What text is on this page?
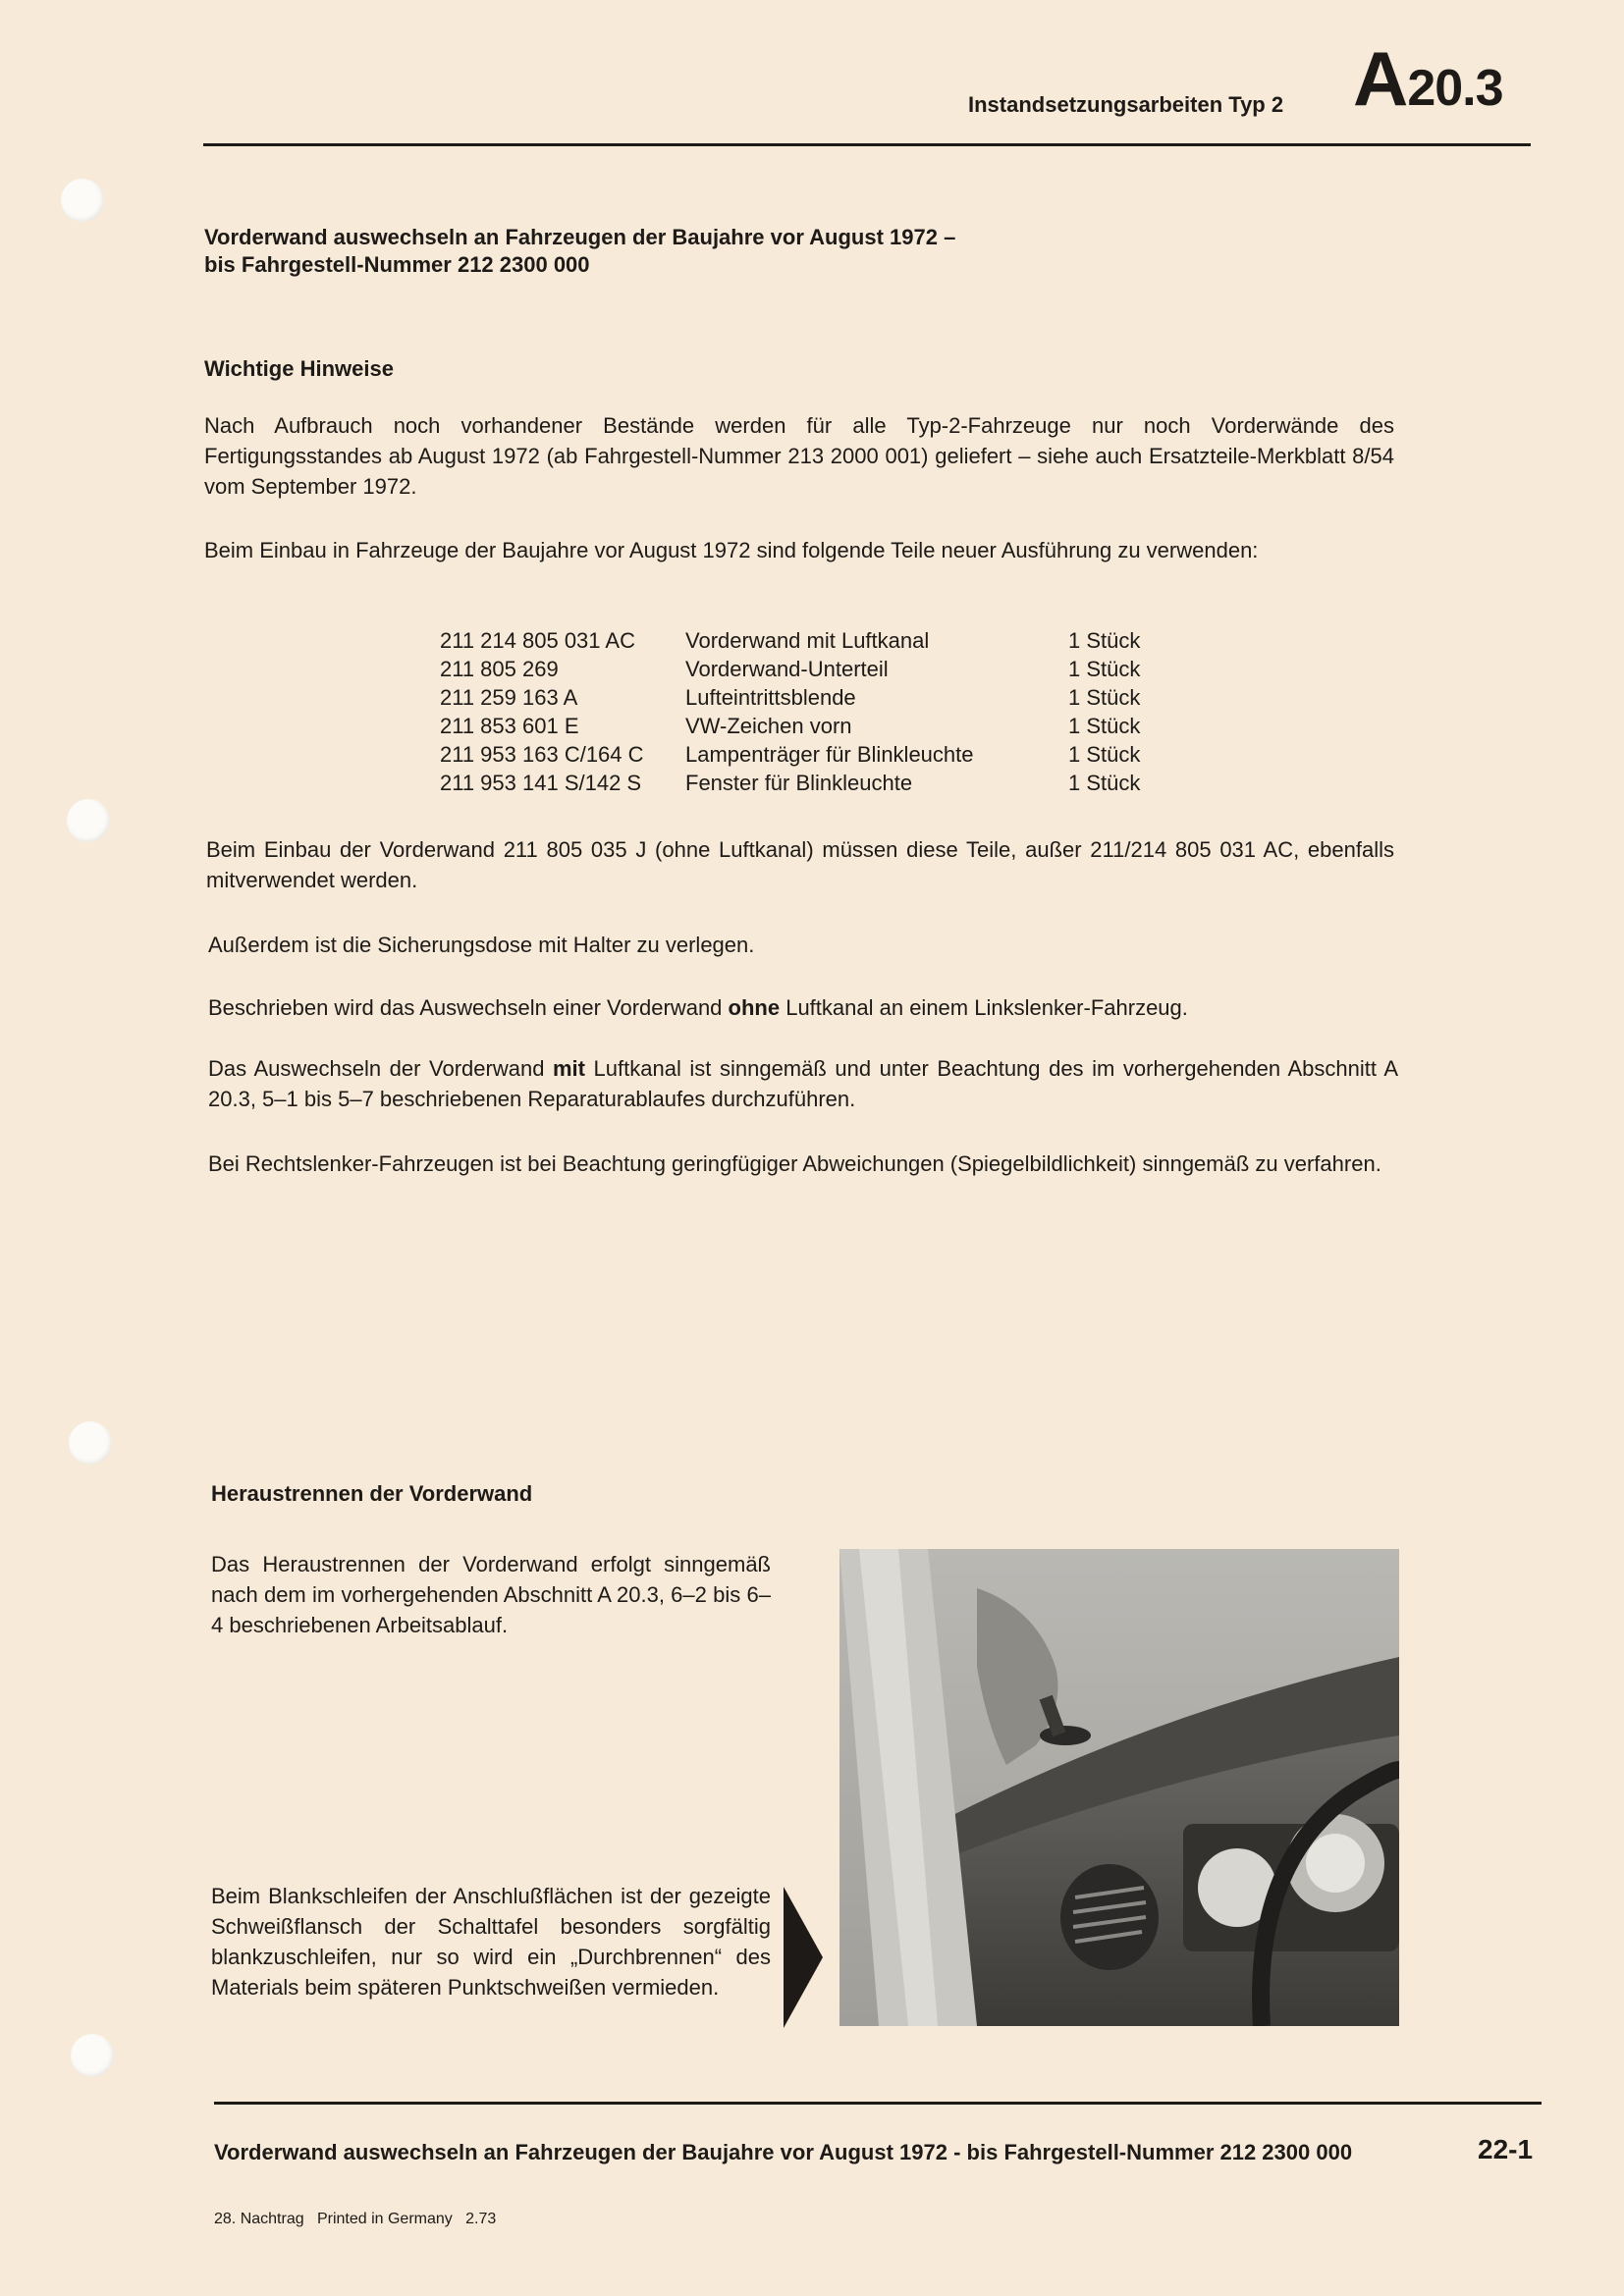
Instandsetzungsarbeiten Typ 2 A20.3
Vorderwand auswechseln an Fahrzeugen der Baujahre vor August 1972 –
bis Fahrgestell-Nummer 212 2300 000
Wichtige Hinweise
Nach Aufbrauch noch vorhandener Bestände werden für alle Typ-2-Fahrzeuge nur noch Vorderwände des Fertigungsstandes ab August 1972 (ab Fahrgestell-Nummer 213 2000 001) geliefert – siehe auch Ersatzteile-Merkblatt 8/54 vom September 1972.
Beim Einbau in Fahrzeuge der Baujahre vor August 1972 sind folgende Teile neuer Ausführung zu verwenden:
211 214 805 031 AC	Vorderwand mit Luftkanal	1 Stück
211 805 269	Vorderwand-Unterteil	1 Stück
211 259 163 A	Lufteintrittsblende	1 Stück
211 853 601 E	VW-Zeichen vorn	1 Stück
211 953 163 C/164 C	Lampenträger für Blinkleuchte	1 Stück
211 953 141 S/142 S	Fenster für Blinkleuchte	1 Stück
Beim Einbau der Vorderwand 211 805 035 J (ohne Luftkanal) müssen diese Teile, außer 211/214 805 031 AC, ebenfalls mitverwendet werden.
Außerdem ist die Sicherungsdose mit Halter zu verlegen.
Beschrieben wird das Auswechseln einer Vorderwand ohne Luftkanal an einem Linkslenker-Fahrzeug.
Das Auswechseln der Vorderwand mit Luftkanal ist sinngemäß und unter Beachtung des im vorhergehenden Abschnitt A 20.3, 5–1 bis 5–7 beschriebenen Reparaturablaufes durchzuführen.
Bei Rechtslenker-Fahrzeugen ist bei Beachtung geringfügiger Abweichungen (Spiegelbildlichkeit) sinngemäß zu verfahren.
Heraustrennen der Vorderwand
Das Heraustrennen der Vorderwand erfolgt sinngemäß nach dem im vorhergehenden Abschnitt A 20.3, 6–2 bis 6–4 beschriebenen Arbeitsablauf.
Beim Blankschleifen der Anschlußflächen ist der gezeigte Schweißflansch der Schalttafel besonders sorgfältig blankzuschleifen, nur so wird ein „Durchbrennen“ des Materials beim späteren Punktschweißen vermieden.
Vorderwand auswechseln an Fahrzeugen der Baujahre vor August 1972 - bis Fahrgestell-Nummer 212 2300 000	22-1
28. Nachtrag   Printed in Germany   2.73
